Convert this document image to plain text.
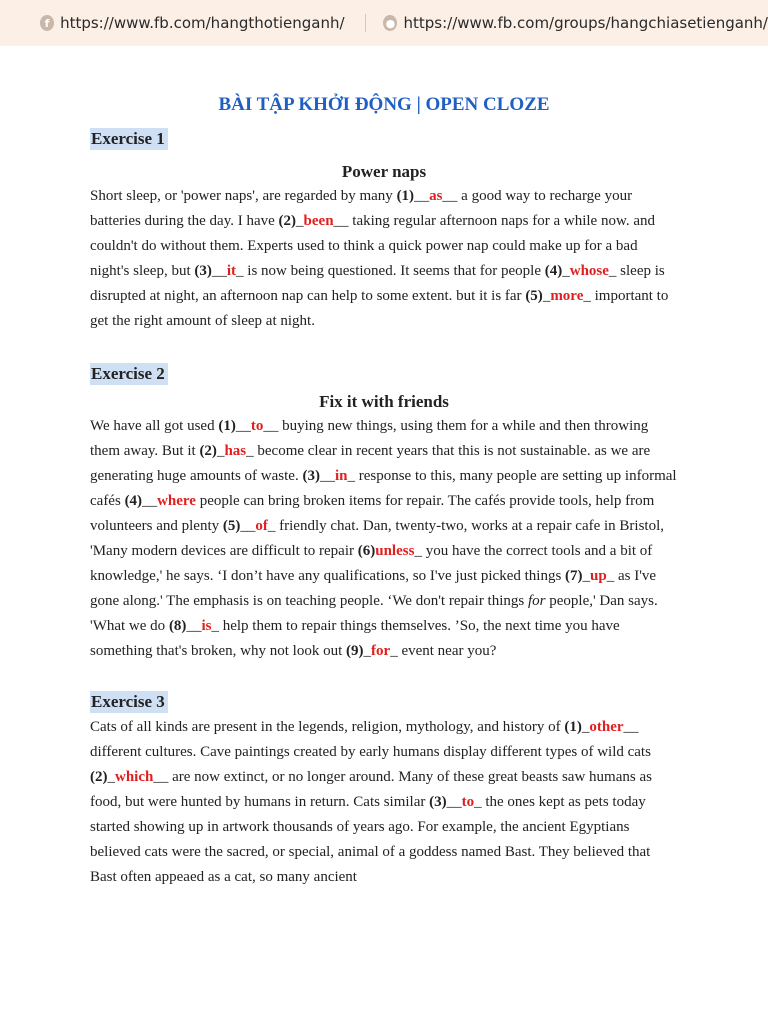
f https://www.fb.com/hangthotienganh/	● https://www.fb.com/groups/hangchiasetienganh/
BÀI TẬP KHỞI ĐỘNG | OPEN CLOZE
Exercise 1
Power naps

Short sleep, or 'power naps', are regarded by many (1)__as__ a good way to recharge your batteries during the day. I have (2)_been__ taking regular afternoon naps for a while now. and couldn't do without them. Experts used to think a quick power nap could make up for a bad night's sleep, but (3)__it_ is now being questioned. It seems that for people (4)_whose_ sleep is disrupted at night, an afternoon nap can help to some extent. but it is far (5)_more_ important to get the right amount of sleep at night.

Exercise 2
Fix it with friends

We have all got used (1)__to__ buying new things, using them for a while and then throwing them away. But it (2)_has_ become clear in recent years that this is not sustainable. as we are generating huge amounts of waste. (3)__in_ response to this, many people are setting up informal cafés (4)__where people can bring broken items for repair. The cafés provide tools, help from volunteers and plenty (5)__of_ friendly chat. Dan, twenty-two, works at a repair cafe in Bristol, 'Many modern devices are difficult to repair (6)unless_ you have the correct tools and a bit of knowledge,' he says. ‘I don’t have any qualifications, so I've just picked things (7)_up_ as I've gone along.' The emphasis is on teaching people. ‘We don't repair things for people,' Dan says. 'What we do (8)__is_ help them to repair things themselves. ’So, the next time you have something that's broken, why not look out (9)_for_ event near you?

Exercise 3

Cats of all kinds are present in the legends, religion, mythology, and history of (1)_other__ different cultures. Cave paintings created by early humans display different types of wild cats (2)_which__ are now extinct, or no longer around. Many of these great beasts saw humans as food, but were hunted by humans in return. Cats similar (3)__to_ the ones kept as pets today started showing up in artwork thousands of years ago. For example, the ancient Egyptians believed cats were the sacred, or special, animal of a goddess named Bast. They believed that Bast often appeaed as a cat, so many ancient
